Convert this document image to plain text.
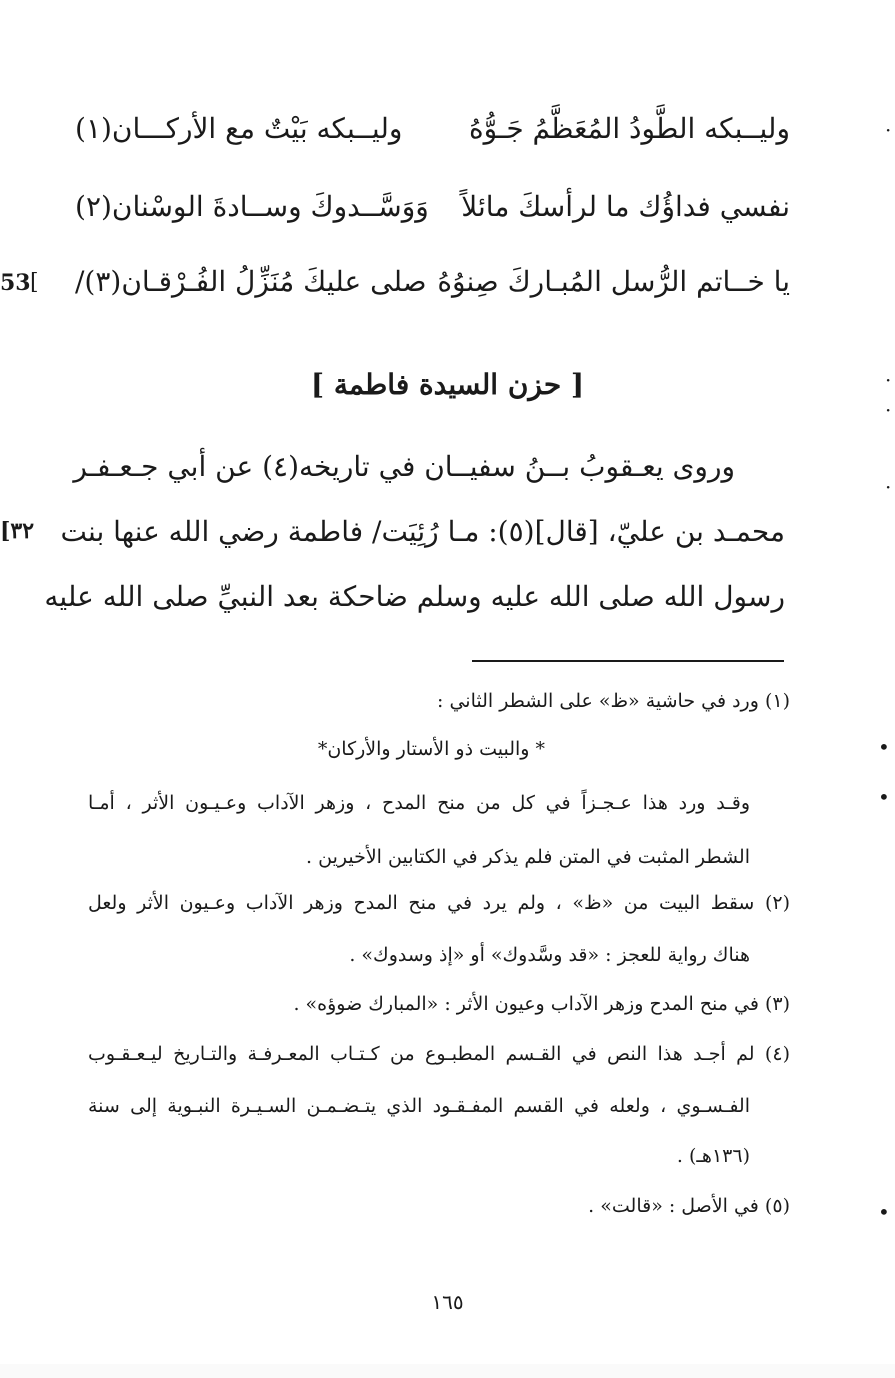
وليــبكه الطَّودُ المُعَظَّمُ جَـوُّهُ
وليــبكه بَيْتٌ مع الأركـــان(١)
نفسي فداؤُك ما لرأسكَ مائلاً
وَوَسَّــدوكَ وســادةَ الوسْنان(٢)
يا خــاتم الرُّسل المُبـاركَ صِنوُهُ
صلى عليكَ مُنَزِّلُ الفُـرْقـان(٣)/
53 [
[٣٢
·
·
·
·
•
•
•
[ حزن السيدة فاطمة ]
وروى يعـقوبُ بــنُ سفيــان في تاريخه(٤) عن أبي جـعـفـر
محمـد بن عليّ، [قال](٥): مـا رُئِيَت/ فاطمة رضي الله عنها بنت
رسول الله صلى الله عليه وسلم ضاحكة بعد النبيِّ صلى الله عليه
(١) ورد في حاشية «ظ» على الشطر الثاني :
* والبيت ذو الأستار والأركان*
وقـد ورد هذا عـجـزاً في كل من منح المدح ، وزهر الآداب وعـيـون الأثر ، أمـا
الشطر المثبت في المتن فلم يذكر في الكتابين الأخيرين .
(٢) سقط البيت من «ظ» ، ولم يرد في منح المدح وزهر الآداب وعـيون الأثر ولعل
هناك رواية للعجز : «قد وسَّدوك» أو «إذ وسدوك» .
(٣) في منح المدح وزهر الآداب وعيون الأثر : «المبارك ضوؤه» .
(٤) لم أجـد هذا النص في القـسم المطبـوع من كـتـاب المعـرفـة والتـاريخ ليـعـقـوب
الفـسـوي ، ولعله في القسم المفـقـود الذي يتـضـمـن السـيـرة النبـوية إلى سنة
(١٣٦هـ) .
(٥) في الأصل : «قالت» .
١٦٥
